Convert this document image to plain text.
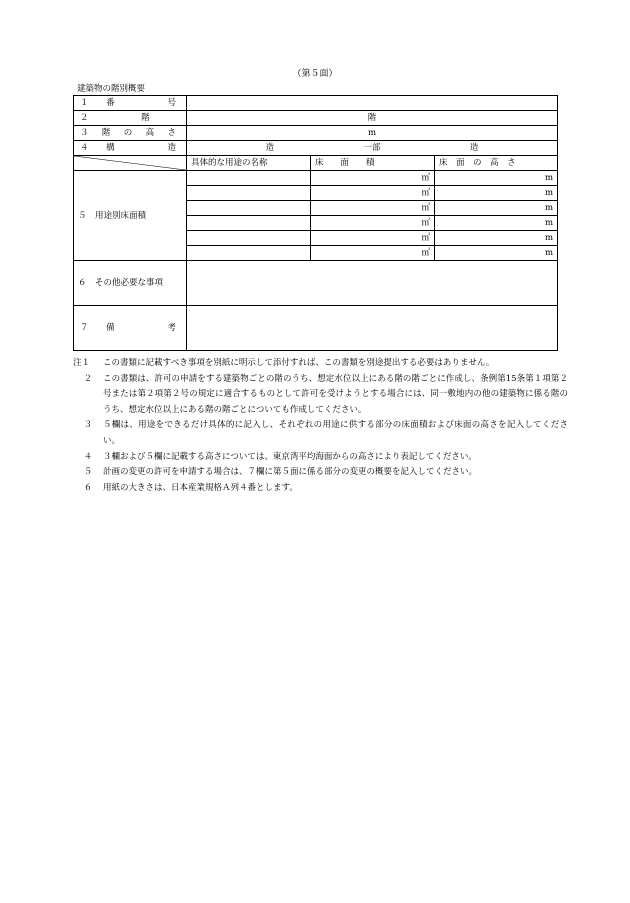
（第５面）
建築物の階別概要
１ 番 号			

２ 階	階		

３ 階 の 高 さ	m		

４ 構 造	造 一部 造		

	具体的な用途の名称	床　　面　　積	床　面　の　高　さ
５　用途別床面積		㎡	m
		㎡	m
		㎡	m
		㎡	m
		㎡	m
		㎡	m
６　その他必要な事項			

７ 備 考			

注１	この書類に記載すべき事項を別紙に明示して添付すれば、この書類を別途提出する必要はありません。
２	この書類は、許可の申請をする建築物ごとの階のうち、想定水位以上にある階の階ごとに作成し、条例第15条第１項第２号または第２項第２号の規定に適合するものとして許可を受けようとする場合には、同一敷地内の他の建築物に係る階のうち、想定水位以上にある階の階ごとについても作成してください。
３	５欄は、用途をできるだけ具体的に記入し、それぞれの用途に供する部分の床面積および床面の高さを記入してください。
４	３欄および５欄に記載する高さについては、東京湾平均海面からの高さにより表記してください。
５	計画の変更の許可を申請する場合は、７欄に第５面に係る部分の変更の概要を記入してください。
６	用紙の大きさは、日本産業規格Ａ列４番とします。
